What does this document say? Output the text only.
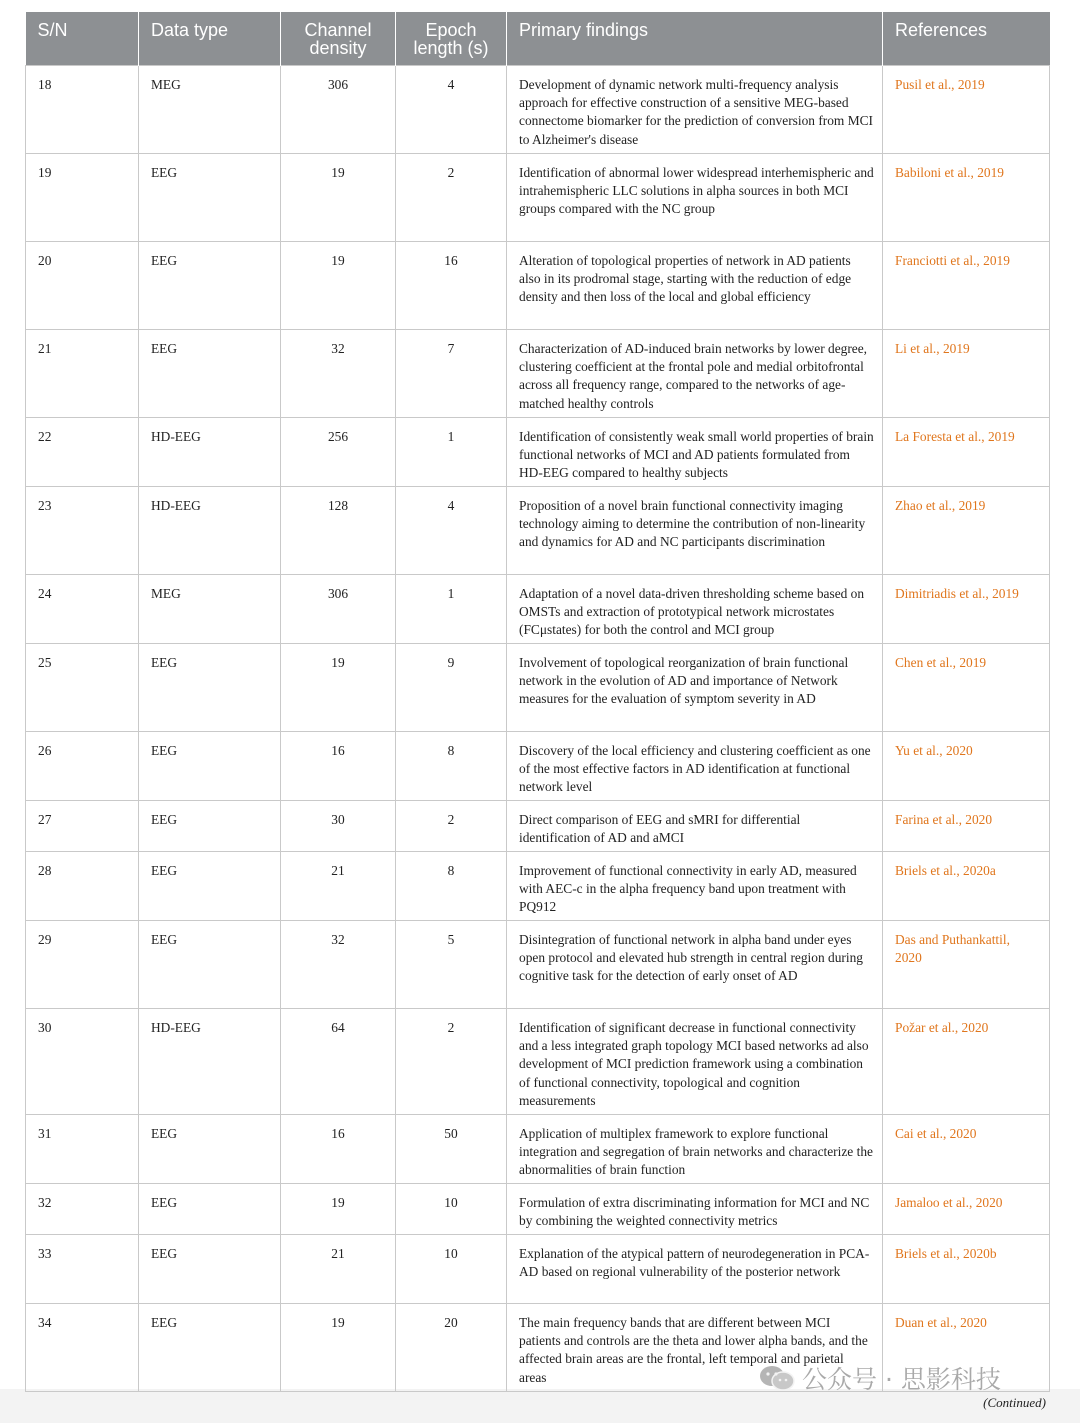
S/N	Data type	Channel density	Epoch length (s)	Primary findings	References
18	MEG	306	4	Development of dynamic network multi-frequency analysis approach for effective construction of a sensitive MEG-based connectome biomarker for the prediction of conversion from MCI to Alzheimer's disease	Pusil et al., 2019
19	EEG	19	2	Identification of abnormal lower widespread interhemispheric and intrahemispheric LLC solutions in alpha sources in both MCI groups compared with the NC group	Babiloni et al., 2019
20	EEG	19	16	Alteration of topological properties of network in AD patients also in its prodromal stage, starting with the reduction of edge density and then loss of the local and global efficiency	Franciotti et al., 2019
21	EEG	32	7	Characterization of AD-induced brain networks by lower degree, clustering coefficient at the frontal pole and medial orbitofrontal across all frequency range, compared to the networks of age-matched healthy controls	Li et al., 2019
22	HD-EEG	256	1	Identification of consistently weak small world properties of brain functional networks of MCI and AD patients formulated from HD-EEG compared to healthy subjects	La Foresta et al., 2019
23	HD-EEG	128	4	Proposition of a novel brain functional connectivity imaging technology aiming to determine the contribution of non-linearity and dynamics for AD and NC participants discrimination	Zhao et al., 2019
24	MEG	306	1	Adaptation of a novel data-driven thresholding scheme based on OMSTs and extraction of prototypical network microstates (FCμstates) for both the control and MCI group	Dimitriadis et al., 2019
25	EEG	19	9	Involvement of topological reorganization of brain functional network in the evolution of AD and importance of Network measures for the evaluation of symptom severity in AD	Chen et al., 2019
26	EEG	16	8	Discovery of the local efficiency and clustering coefficient as one of the most effective factors in AD identification at functional network level	Yu et al., 2020
27	EEG	30	2	Direct comparison of EEG and sMRI for differential identification of AD and aMCI	Farina et al., 2020
28	EEG	21	8	Improvement of functional connectivity in early AD, measured with AEC-c in the alpha frequency band upon treatment with PQ912	Briels et al., 2020a
29	EEG	32	5	Disintegration of functional network in alpha band under eyes open protocol and elevated hub strength in central region during cognitive task for the detection of early onset of AD	Das and Puthankattil, 2020
30	HD-EEG	64	2	Identification of significant decrease in functional connectivity and a less integrated graph topology MCI based networks ad also development of MCI prediction framework using a combination of functional connectivity, topological and cognition measurements	Požar et al., 2020
31	EEG	16	50	Application of multiplex framework to explore functional integration and segregation of brain networks and characterize the abnormalities of brain function	Cai et al., 2020
32	EEG	19	10	Formulation of extra discriminating information for MCI and NC by combining the weighted connectivity metrics	Jamaloo et al., 2020
33	EEG	21	10	Explanation of the atypical pattern of neurodegeneration in PCA-AD based on regional vulnerability of the posterior network	Briels et al., 2020b
34	EEG	19	20	The main frequency bands that are different between MCI patients and controls are the theta and lower alpha bands, and the affected brain areas are the frontal, left temporal and parietal areas	Duan et al., 2020
公众号 · 思影科技
(Continued)
